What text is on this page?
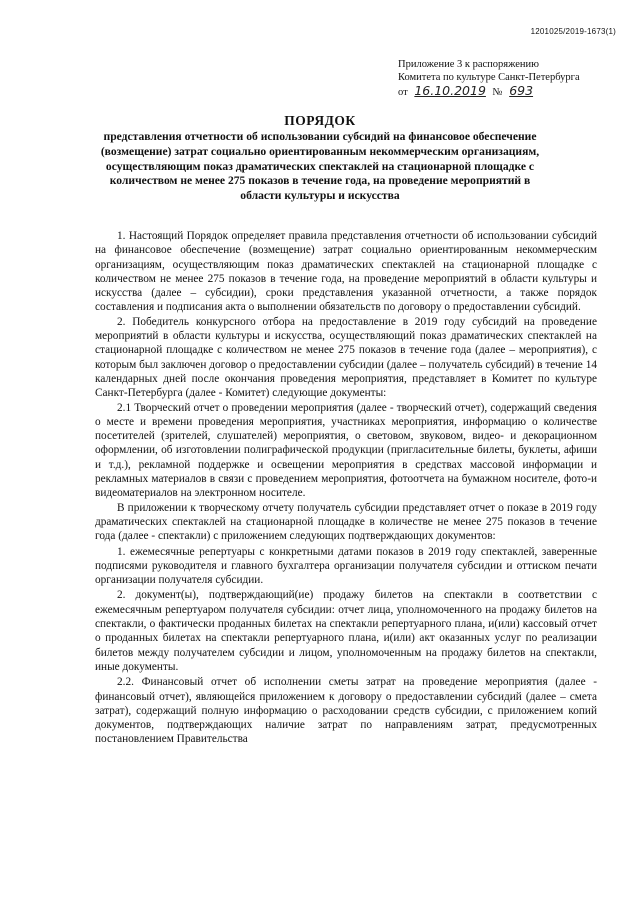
1201025/2019-1673(1)
Приложение 3 к распоряжению
Комитета по культуре Санкт-Петербурга
от 16.10.2019 № 693
ПОРЯДОК
представления отчетности об использовании субсидий на финансовое обеспечение (возмещение) затрат социально ориентированным некоммерческим организациям, осуществляющим показ драматических спектаклей на стационарной площадке с количеством не менее 275 показов в течение года, на проведение мероприятий в области культуры и искусства

1. Настоящий Порядок определяет правила представления отчетности об использовании субсидий на финансовое обеспечение (возмещение) затрат социально ориентированным некоммерческим организациям, осуществляющим показ драматических спектаклей на стационарной площадке с количеством не менее 275 показов в течение года, на проведение мероприятий в области культуры и искусства (далее – субсидии), сроки представления указанной отчетности, а также порядок составления и подписания акта о выполнении обязательств по договору о предоставлении субсидий.

2. Победитель конкурсного отбора на предоставление в 2019 году субсидий на проведение мероприятий в области культуры и искусства, осуществляющий показ драматических спектаклей на стационарной площадке с количеством не менее 275 показов в течение года (далее – мероприятия), с которым был заключен договор о предоставлении субсидии (далее – получатель субсидий) в течение 14 календарных дней после окончания проведения мероприятия, представляет в Комитет по культуре Санкт-Петербурга (далее - Комитет) следующие документы:

2.1 Творческий отчет о проведении мероприятия (далее - творческий отчет), содержащий сведения о месте и времени проведения мероприятия, участниках мероприятия, информацию о количестве посетителей (зрителей, слушателей) мероприятия, о световом, звуковом, видео- и декорационном оформлении, об изготовлении полиграфической продукции (пригласительные билеты, буклеты, афиши и т.д.), рекламной поддержке и освещении мероприятия в средствах массовой информации и рекламных материалов в связи с проведением мероприятия, фотоотчета на бумажном носителе, фото-и видеоматериалов на электронном носителе.

В приложении к творческому отчету получатель субсидии представляет отчет о показе в 2019 году драматических спектаклей на стационарной площадке в количестве не менее 275 показов в течение года (далее - спектакли) с приложением следующих подтверждающих документов:

1. ежемесячные репертуары с конкретными датами показов в 2019 году спектаклей, заверенные подписями руководителя и главного бухгалтера организации получателя субсидии и оттиском печати организации получателя субсидии.

2. документ(ы), подтверждающий(ие) продажу билетов на спектакли в соответствии с ежемесячным репертуаром получателя субсидии: отчет лица, уполномоченного на продажу билетов на спектакли, о фактически проданных билетах на спектакли репертуарного плана, и(или) кассовый отчет о проданных билетах на спектакли репертуарного плана, и(или) акт оказанных услуг по реализации билетов между получателем субсидии и лицом, уполномоченным на продажу билетов на спектакли, иные документы.

2.2. Финансовый отчет об исполнении сметы затрат на проведение мероприятия (далее - финансовый отчет), являющейся приложением к договору о предоставлении субсидий (далее – смета затрат), содержащий полную информацию о расходовании средств субсидии, с приложением копий документов, подтверждающих наличие затрат по направлениям затрат, предусмотренных постановлением Правительства
